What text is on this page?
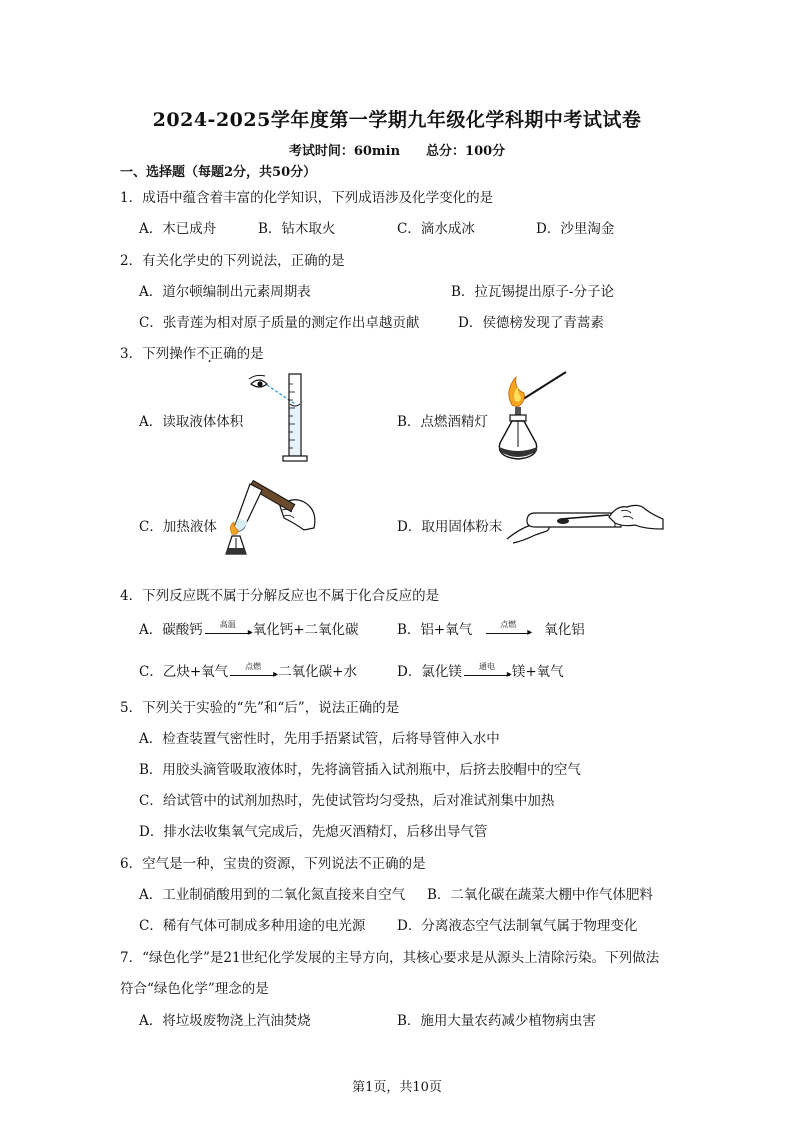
2024-2025学年度第一学期九年级化学科期中考试试卷
考试时间：60min　　总分：100分
一、选择题（每题2分，共50分）
1．成语中蕴含着丰富的化学知识，下列成语涉及化学变化的是
A．木已成舟	B．钻木取火	C．滴水成冰	D．沙里淘金
2．有关化学史的下列说法，正确的是
A．道尔顿编制出元素周期表	B．拉瓦锡提出原子-分子论
C．张青莲为相对原子质量的测定作出卓越贡献	D．侯德榜发现了青蒿素
3．下列操作不正确的是
A．读取液体体积	B．点燃酒精灯
C．加热液体	D．取用固体粉末
4．下列反应既不属于分解反应也不属于化合反应的是
A．碳酸钙	高温
▸ 氧化钙+二氧化碳	B．铝+氧气	点燃
▸ 氧化铝
C．乙炔+氧气	点燃
▸ 二氧化碳+水	D．氯化镁	通电
▸ 镁+氧气
5．下列关于实验的“先”和“后”，说法正确的是
A．检查装置气密性时，先用手捂紧试管，后将导管伸入水中
B．用胶头滴管吸取液体时，先将滴管插入试剂瓶中，后挤去胶帽中的空气
C．给试管中的试剂加热时，先使试管均匀受热，后对准试剂集中加热
D．排水法收集氧气完成后，先熄灭酒精灯，后移出导气管
6．空气是一种，宝贵的资源，下列说法不正确的是
A．工业制硝酸用到的二氧化氮直接来自空气 B．二氧化碳在蔬菜大棚中作气体肥料
C．稀有气体可制成多种用途的电光源 D．分离液态空气法制氧气属于物理变化
7．“绿色化学”是21世纪化学发展的主导方向，其核心要求是从源头上清除污染。下列做法
符合“绿色化学”理念的是
A．将垃圾废物浇上汽油焚烧	B．施用大量农药减少植物病虫害
第1页，共10页
